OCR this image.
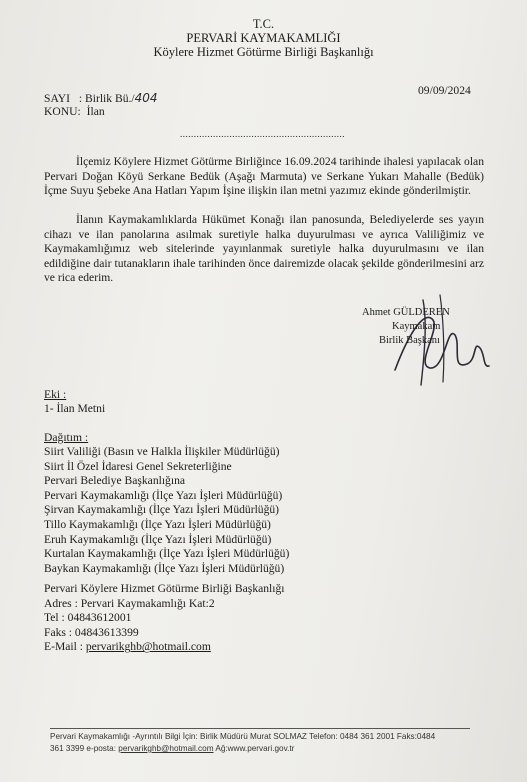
T.C.
PERVARİ KAYMAKAMLIĞI
Köylere Hizmet Götürme Birliği Başkanlığı
SAYI : Birlik Bü./404
KONU: İlan
09/09/2024
............................................................
İlçemiz Köylere Hizmet Götürme Birliğince 16.09.2024 tarihinde ihalesi yapılacak olan Pervari Doğan Köyü Serkane Bedük (Aşağı Marmuta) ve Serkane Yukarı Mahalle (Bedük) İçme Suyu Şebeke Ana Hatları Yapım İşine ilişkin ilan metni yazımız ekinde gönderilmiştir.
İlanın Kaymakamlıklarda Hükümet Konağı ilan panosunda, Belediyelerde ses yayın cihazı ve ilan panolarına asılmak suretiyle halka duyurulması ve ayrıca Valiliğimiz ve Kaymakamlığımız web sitelerinde yayınlanmak suretiyle halka duyurulmasını ve ilan edildiğine dair tutanakların ihale tarihinden önce dairemizde olacak şekilde gönderilmesini arz ve rica ederim.
Ahmet GÜLDEREN
Kaymakam
Birlik Başkanı
Eki :
1- İlan Metni
Dağıtım :
Siirt Valiliği (Basın ve Halkla İlişkiler Müdürlüğü)
Siirt İl Özel İdaresi Genel Sekreterliğine
Pervari Belediye Başkanlığına
Pervari Kaymakamlığı (İlçe Yazı İşleri Müdürlüğü)
Şirvan Kaymakamlığı (İlçe Yazı İşleri Müdürlüğü)
Tillo Kaymakamlığı (İlçe Yazı İşleri Müdürlüğü)
Eruh Kaymakamlığı (İlçe Yazı İşleri Müdürlüğü)
Kurtalan Kaymakamlığı (İlçe Yazı İşleri Müdürlüğü)
Baykan Kaymakamlığı (İlçe Yazı İşleri Müdürlüğü)
Pervari Köylere Hizmet Götürme Birliği Başkanlığı
Adres : Pervari Kaymakamlığı Kat:2
Tel : 04843612001
Faks : 04843613399
E-Mail : pervarikghb@hotmail.com
Pervari Kaymakamlığı -Ayrıntılı Bilgi İçin: Birlik Müdürü Murat SOLMAZ Telefon: 0484 361 2001 Faks:0484
361 3399 e-posta: pervarikghb@hotmail.com Ağ:www.pervari.gov.tr
